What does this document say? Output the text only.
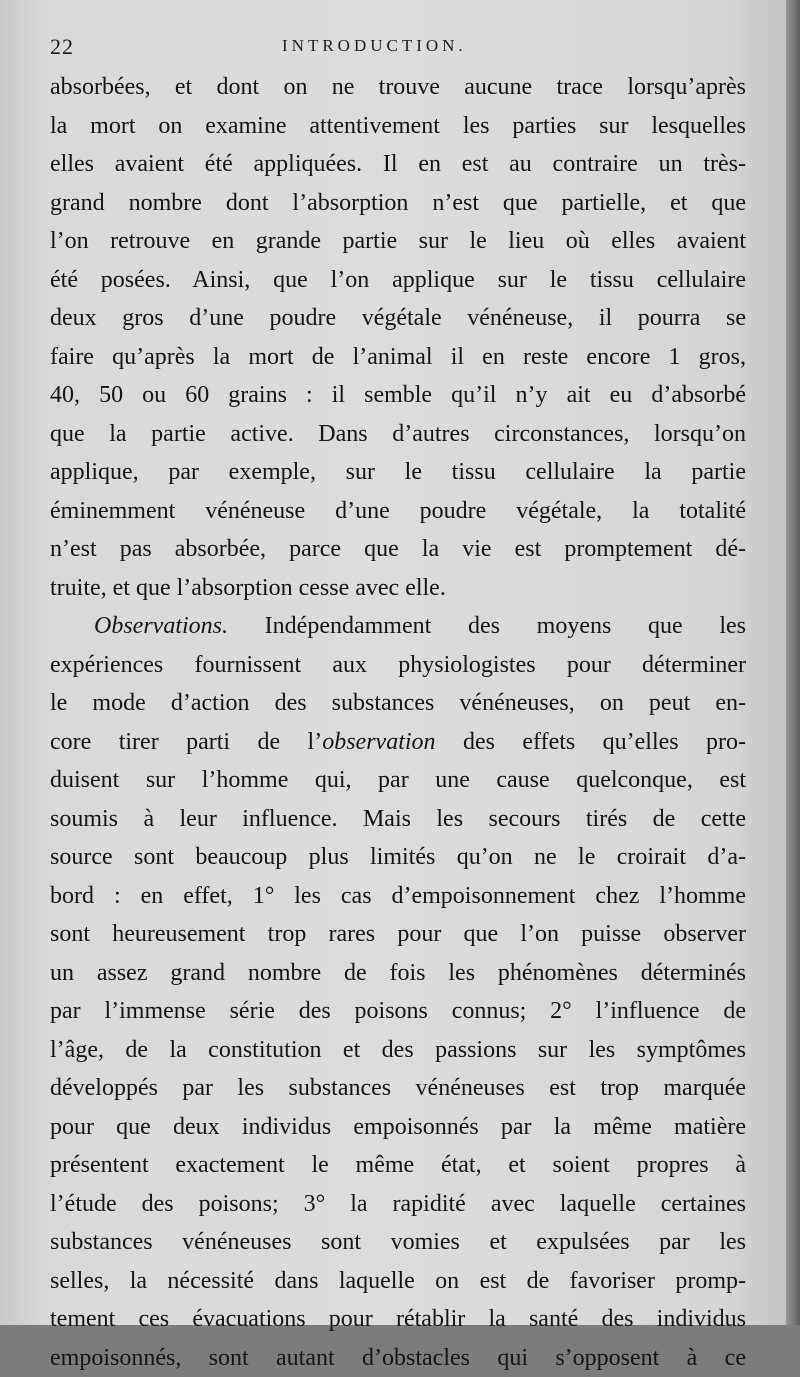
22	INTRODUCTION.
absorbées, et dont on ne trouve aucune trace lorsqu’après
la mort on examine attentivement les parties sur lesquelles
elles avaient été appliquées. Il en est au contraire un très-
grand nombre dont l’absorption n’est que partielle, et que
l’on retrouve en grande partie sur le lieu où elles avaient
été posées. Ainsi, que l’on applique sur le tissu cellulaire
deux gros d’une poudre végétale vénéneuse, il pourra se
faire qu’après la mort de l’animal il en reste encore 1 gros,
40, 50 ou 60 grains : il semble qu’il n’y ait eu d’absorbé
que la partie active. Dans d’autres circonstances, lorsqu’on
applique, par exemple, sur le tissu cellulaire la partie
éminemment vénéneuse d’une poudre végétale, la totalité
n’est pas absorbée, parce que la vie est promptement dé-
truite, et que l’absorption cesse avec elle.
Observations. Indépendamment des moyens que les
expériences fournissent aux physiologistes pour déterminer
le mode d’action des substances vénéneuses, on peut en-
core tirer parti de l’observation des effets qu’elles pro-
duisent sur l’homme qui, par une cause quelconque, est
soumis à leur influence. Mais les secours tirés de cette
source sont beaucoup plus limités qu’on ne le croirait d’a-
bord : en effet, 1° les cas d’empoisonnement chez l’homme
sont heureusement trop rares pour que l’on puisse observer
un assez grand nombre de fois les phénomènes déterminés
par l’immense série des poisons connus; 2° l’influence de
l’âge, de la constitution et des passions sur les symptômes
développés par les substances vénéneuses est trop marquée
pour que deux individus empoisonnés par la même matière
présentent exactement le même état, et soient propres à
l’étude des poisons; 3° la rapidité avec laquelle certaines
substances vénéneuses sont vomies et expulsées par les
selles, la nécessité dans laquelle on est de favoriser promp-
tement ces évacuations pour rétablir la santé des individus
empoisonnés, sont autant d’obstacles qui s’opposent à ce
